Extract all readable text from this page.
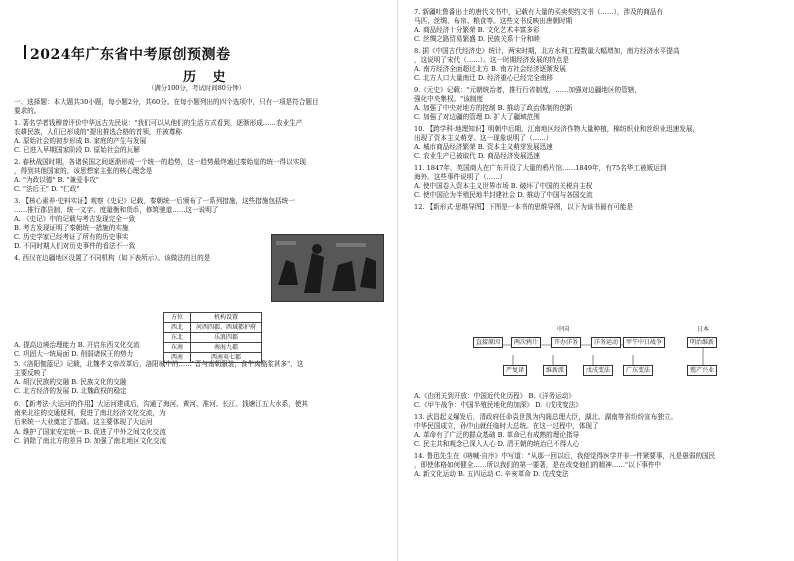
2024年广东省中考原创预测卷
历 史
（满分100分，考试时间80分钟）
一、选择题：本大题共30小题，每小题2分，共60分。在每小题列出的四个选项中，只有一项是符合题目
要求的。
1. 著名学者钱穆曾评价中华远古先民说："我们可以从他们的生活方式看到，逐渐形成……农业生产
农耕民族，人们已形成的"提出推选合格的首领，并被尊称
A. 原始社会的初步形成 B. 家庭的产生与发展
C. 已进入早期国家阶段 D. 原始社会的瓦解
2. 春秋战国时期，各诸侯国之间逐渐形成一个统一的趋势，这一趋势最终通过秦始皇的统一得以实现
，得到其他国家的，该思想家主张的核心理念是
A. "为政以德" B. "兼爱非攻"
C. "法后王" D. "仁政"
3. 【核心素养·史料实证】观察《史记》记载，秦朝统一后颁布了一系列措施，这些措施包括统一
……推行郡县制，统一文字、度量衡和货币，修筑驰道……这一说明了
A. 《史记》中的记载与考古发现完全一致
B. 考古发现证明了秦朝统一措施的实施
C. 历史学家已经考证了所有的历史事实
D. 不同时期人们对历史事件的看法不一致
4. 西汉在边疆地区设置了不同机构（如下表所示）。该做法的目的是
A. 提高边境治理能力 B. 开启东西文化交流
C. 巩固大一统局面 D. 削弱诸侯王的势力
5.《洛阳伽蓝记》记载，北魏孝文帝改革后，洛阳城中的……"晋与南朝服装，食牛肉酪浆甚多"，这
主要反映了
A. 胡汉民族的交融 B. 民族文化的交融
C. 北方经济的发展 D. 北魏政权的稳定
6. 【新考法·大运河的作用】大运河建成后，沟通了海河、黄河、淮河、长江、钱塘江五大水系，使其
南来北往的交通便利，促进了南北经济文化交流，为
后来统一大业奠定了基础。这主要体现了大运河
A. 维护了国家安定统一 B. 促进了中外之间文化交流
C. 消除了南北方的差异 D. 加强了南北地区文化交流
方位	机构设置
西北	河西四郡、西域都护府
东北	乐浪四郡
东南	南海九郡
西南	西南夷七郡
7. 新疆吐鲁番出土的唐代文书中，记载有大量的买卖契约文书（……），涉及的商品有
马匹、丝绸、布帛、粮食等。这些文书反映出唐朝时期
A. 商品经济十分繁荣 B. 文化艺术丰富多彩
C. 丝绸之路贸易繁盛 D. 民族关系十分和睦
8. 据《中国古代经济史》统计，两宋时期，北方水利工程数量大幅增加，南方经济水平提高
，这说明了宋代（……）。这一时期经济发展的特点是
A. 南方经济全面超过北方 B. 南方社会经济逐渐发展
C. 北方人口大量南迁 D. 经济重心已经完全南移
9.《元史》记载："元朝统治者，推行行省制度，……加强对边疆地区的管辖，
强化中央集权。"该制度
A. 加强了中央对地方的控制 B. 推动了政治体制的创新
C. 加强了对边疆的管理 D. 扩大了疆域范围
10. 【跨学科·地理知识】明朝中后期，江南地区经济作物大量种植，棉纺织业和丝织业迅速发展，
出现了资本主义萌芽。这一现象说明了（……）
A. 城市商品经济繁荣 B. 资本主义萌芽发展迅速
C. 农业生产已被取代 D. 商品经济发展迅速
11. 1847年，英国商人在广东开设了大量的鸦片馆……1849年，有75名华工被贩运到
海外。这些事件说明了（……）
A. 使中国卷入资本主义世界市场 B. 破坏了中国的关税自主权
C. 使中国沦为半殖民地半封建社会 D. 推动了中国与各国交流
12. 【新形式·思维导图】下图是一本书的思维导图，以下为该书最有可能是
A.《由闭关到开放：中国近代化历程》 B.《洋务运动》
C.《甲午战争：中国半殖民地化的加深》 D.《戊戌变法》
13. 武昌起义爆发后，清政府任命袁世凯为内阁总理大臣，湖北、湖南等省纷纷宣布独立。
中华民国成立，孙中山就任临时大总统。在这一过程中，体现了
A. 革命有了广泛的群众基础 B. 革命已有成熟的理论指导
C. 民主共和观念已深入人心 D. 清王朝的统治已不得人心
14. 鲁迅先生在《呐喊·自序》中写道："从那一回以后，我便觉得医学并非一件紧要事，凡是愚弱的国民
，即使体格如何健全……所以我们的第一要著，是在改变他们的精神……"以下事件中
A. 新文化运动 B. 五四运动 C. 辛亥革命 D. 戊戌变法
中国	日本
直接原因	两次鸦片	开办洋务	洋务运动	甲午中日战争
严复译	维新派	戊戌变法	广东变法
明治维新
殖产兴业
